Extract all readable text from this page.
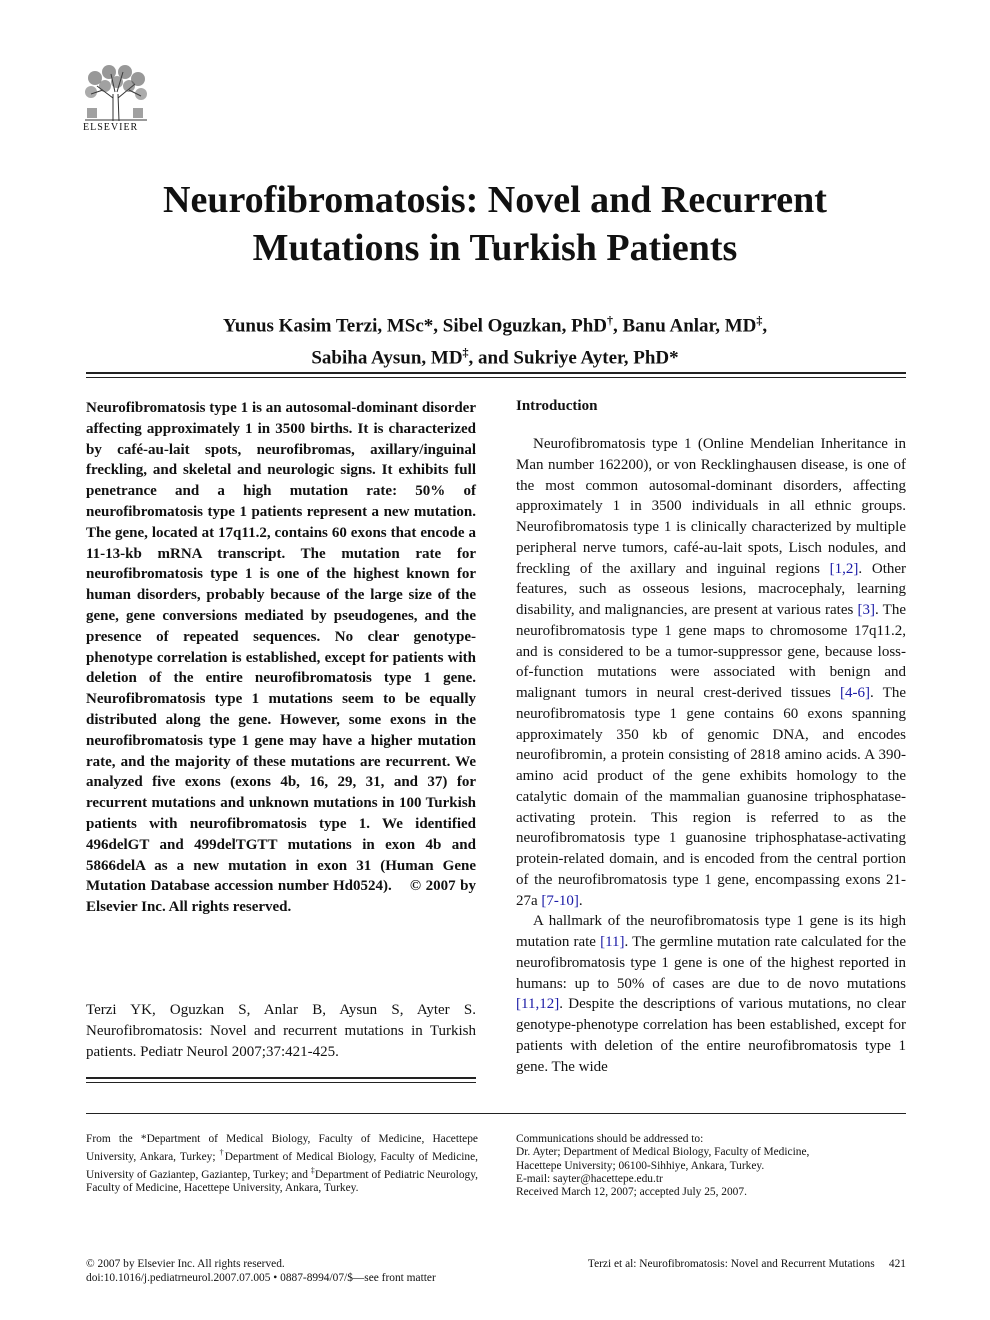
ELSEVIER
Neurofibromatosis: Novel and Recurrent
Mutations in Turkish Patients
Yunus Kasim Terzi, MSc*, Sibel Oguzkan, PhD†, Banu Anlar, MD‡,
Sabiha Aysun, MD‡, and Sukriye Ayter, PhD*
Neurofibromatosis type 1 is an autosomal-dominant disorder affecting approximately 1 in 3500 births. It is characterized by café-au-lait spots, neurofibromas, axillary/inguinal freckling, and skeletal and neurologic signs. It exhibits full penetrance and a high mutation rate: 50% of neurofibromatosis type 1 patients represent a new mutation. The gene, located at 17q11.2, contains 60 exons that encode a 11-13-kb mRNA transcript. The mutation rate for neurofibromatosis type 1 is one of the highest known for human disorders, probably because of the large size of the gene, gene conversions mediated by pseudogenes, and the presence of repeated sequences. No clear genotype-phenotype correlation is established, except for patients with deletion of the entire neurofibromatosis type 1 gene. Neurofibromatosis type 1 mutations seem to be equally distributed along the gene. However, some exons in the neurofibromatosis type 1 gene may have a higher mutation rate, and the majority of these mutations are recurrent. We analyzed five exons (exons 4b, 16, 29, 31, and 37) for recurrent mutations and unknown mutations in 100 Turkish patients with neurofibromatosis type 1. We identified 496delGT and 499delTGTT mutations in exon 4b and 5866delA as a new mutation in exon 31 (Human Gene Mutation Database accession number Hd0524). © 2007 by Elsevier Inc. All rights reserved.
Terzi YK, Oguzkan S, Anlar B, Aysun S, Ayter S. Neurofibromatosis: Novel and recurrent mutations in Turkish patients. Pediatr Neurol 2007;37:421-425.
Introduction

Neurofibromatosis type 1 (Online Mendelian Inheritance in Man number 162200), or von Recklinghausen disease, is one of the most common autosomal-dominant disorders, affecting approximately 1 in 3500 individuals in all ethnic groups. Neurofibromatosis type 1 is clinically characterized by multiple peripheral nerve tumors, café-au-lait spots, Lisch nodules, and freckling of the axillary and inguinal regions [1,2]. Other features, such as osseous lesions, macrocephaly, learning disability, and malignancies, are present at various rates [3]. The neurofibromatosis type 1 gene maps to chromosome 17q11.2, and is considered to be a tumor-suppressor gene, because loss-of-function mutations were associated with benign and malignant tumors in neural crest-derived tissues [4-6]. The neurofibromatosis type 1 gene contains 60 exons spanning approximately 350 kb of genomic DNA, and encodes neurofibromin, a protein consisting of 2818 amino acids. A 390-amino acid product of the gene exhibits homology to the catalytic domain of the mammalian guanosine triphosphatase-activating protein. This region is referred to as the neurofibromatosis type 1 guanosine triphosphatase-activating protein-related domain, and is encoded from the central portion of the neurofibromatosis type 1 gene, encompassing exons 21-27a [7-10].

A hallmark of the neurofibromatosis type 1 gene is its high mutation rate [11]. The germline mutation rate calculated for the neurofibromatosis type 1 gene is one of the highest reported in humans: up to 50% of cases are due to de novo mutations [11,12]. Despite the descriptions of various mutations, no clear genotype-phenotype correlation has been established, except for patients with deletion of the entire neurofibromatosis type 1 gene. The wide

From the *Department of Medical Biology, Faculty of Medicine, Hacettepe University, Ankara, Turkey; †Department of Medical Biology, Faculty of Medicine, University of Gaziantep, Gaziantep, Turkey; and ‡Department of Pediatric Neurology, Faculty of Medicine, Hacettepe University, Ankara, Turkey.
Communications should be addressed to:
Dr. Ayter; Department of Medical Biology, Faculty of Medicine,
Hacettepe University; 06100-Sihhiye, Ankara, Turkey.
E-mail: sayter@hacettepe.edu.tr
Received March 12, 2007; accepted July 25, 2007.
© 2007 by Elsevier Inc. All rights reserved.
doi:10.1016/j.pediatrneurol.2007.07.005 • 0887-8994/07/$—see front matter
Terzi et al: Neurofibromatosis: Novel and Recurrent Mutations 421
